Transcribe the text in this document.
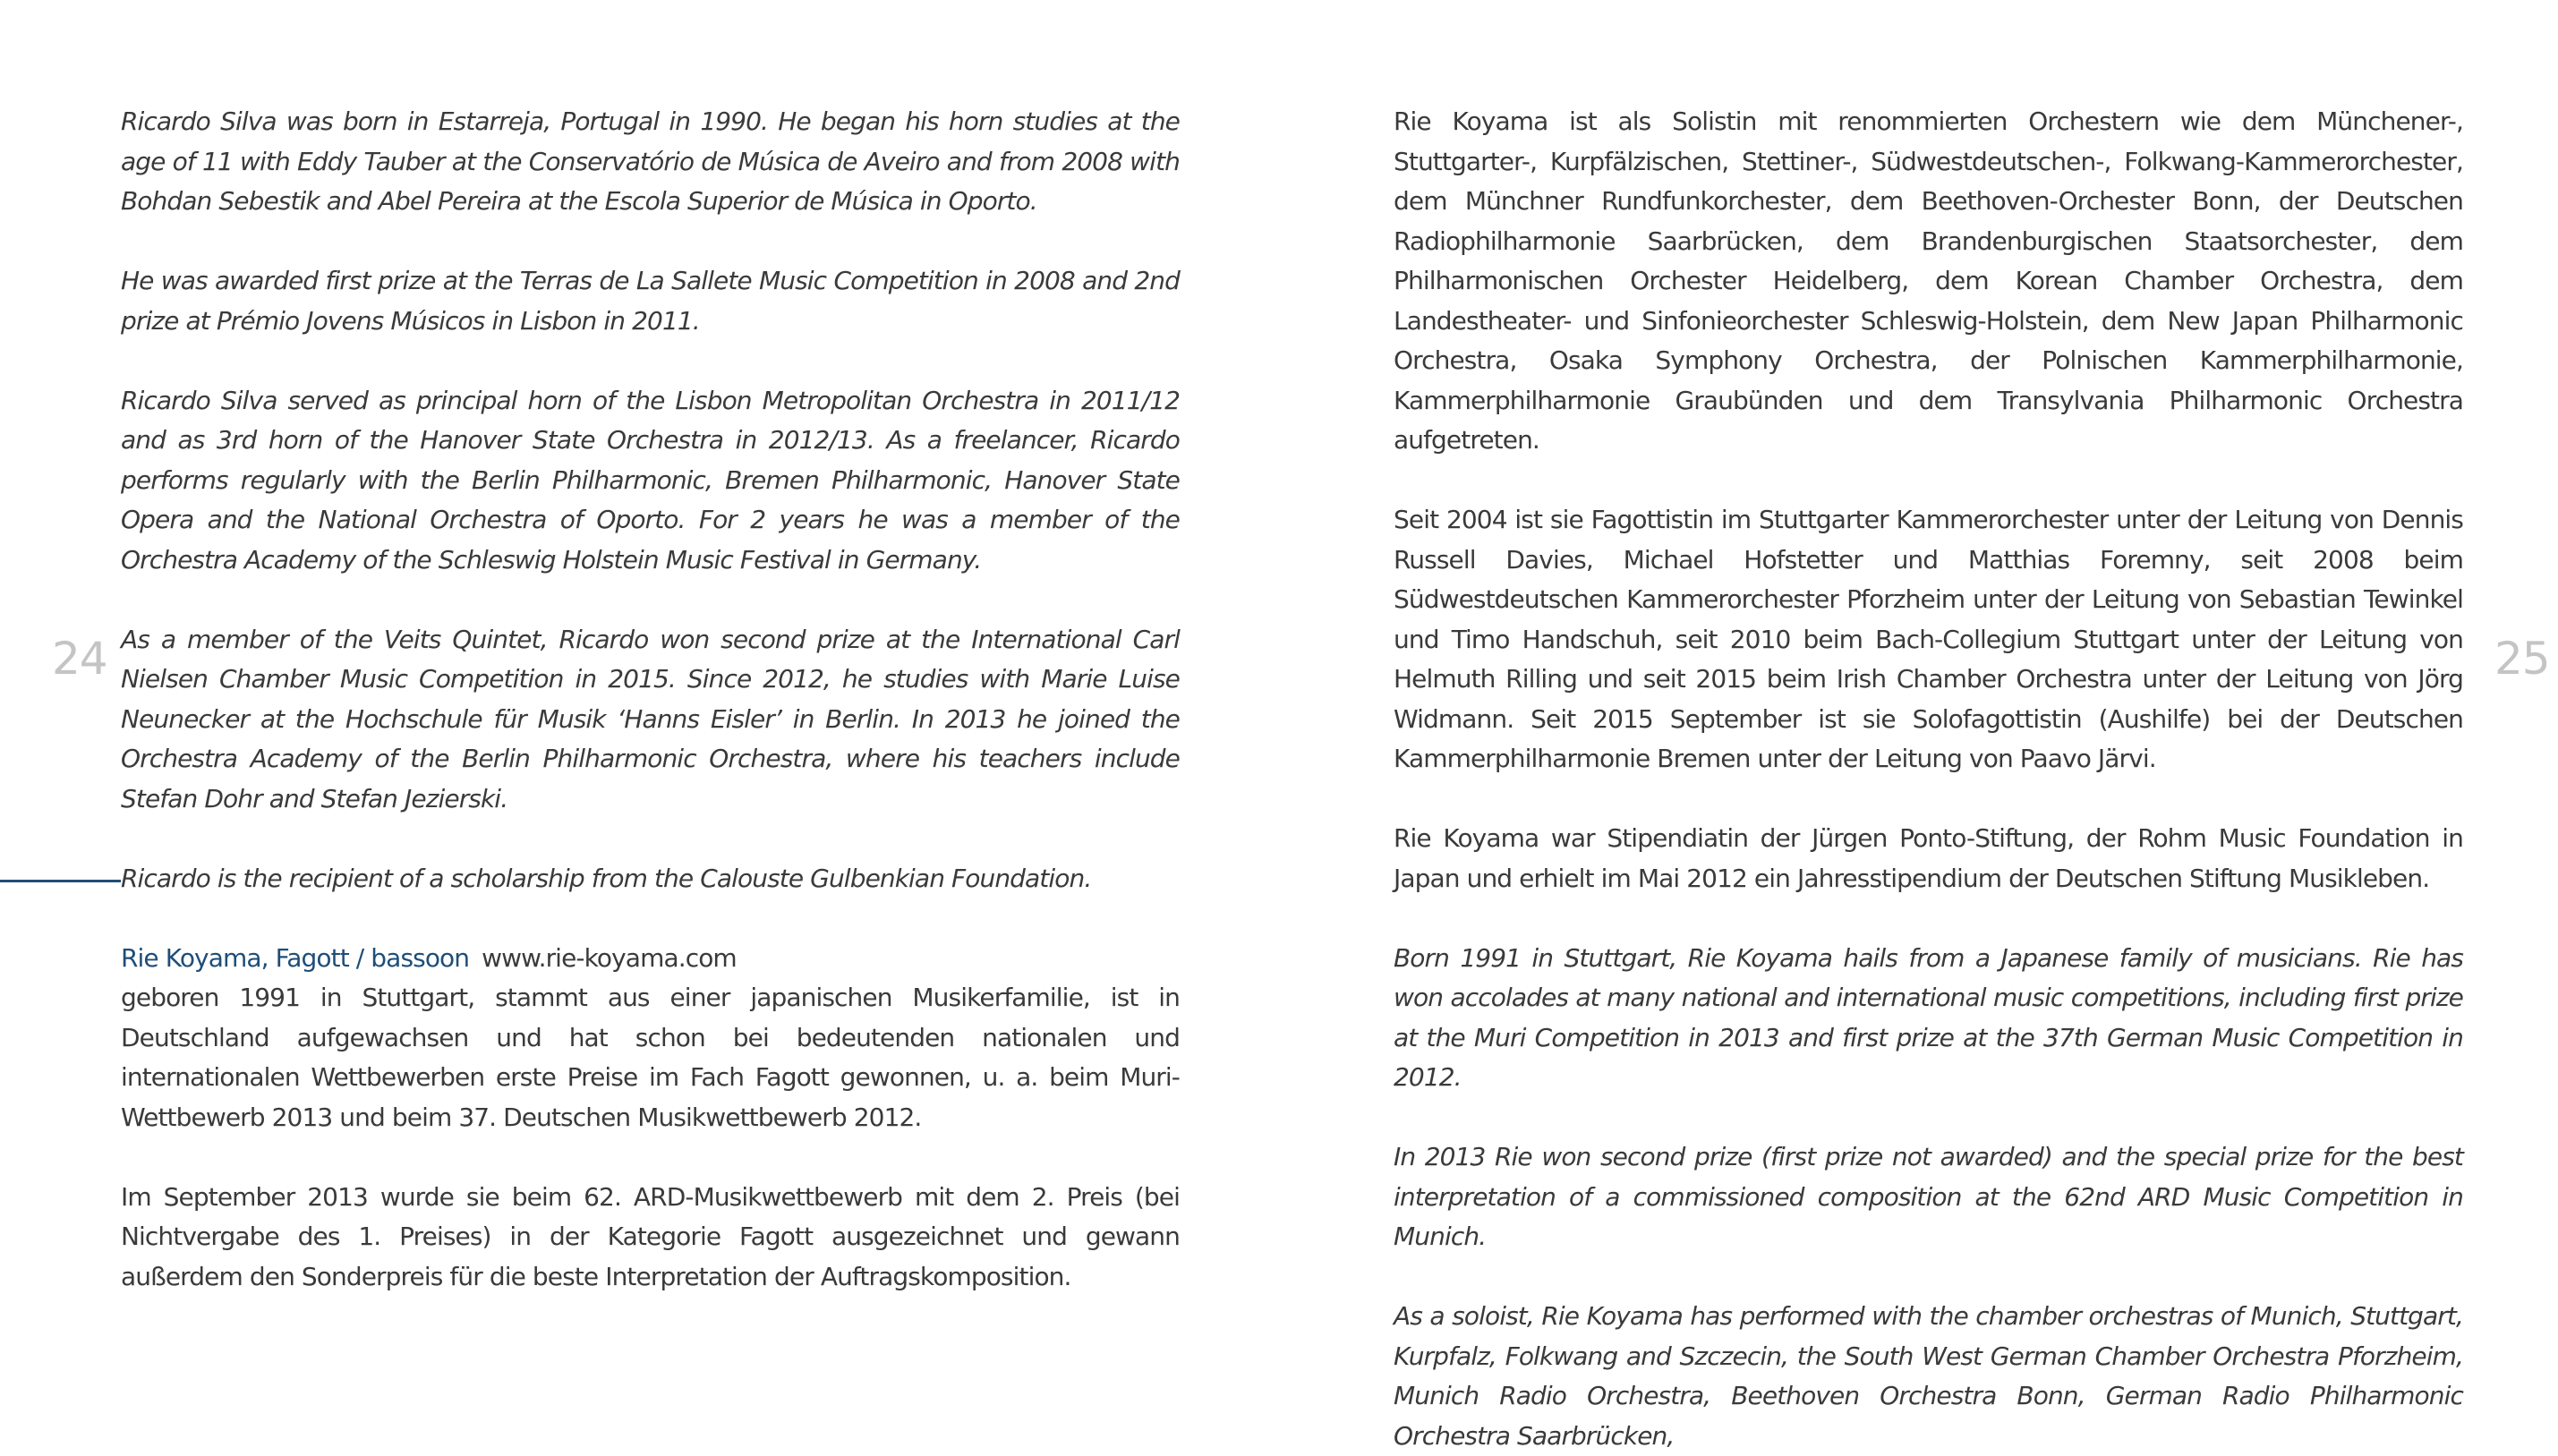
Ricardo Silva was born in Estarreja, Portugal in 1990. He began his horn studies at the age of 11 with Eddy Tauber at the Conservatório de Música de Aveiro and from 2008 with Bohdan Sebestik and Abel Pereira at the Escola Superior de Música in Oporto.

He was awarded first prize at the Terras de La Sallete Music Competition in 2008 and 2nd prize at Prémio Jovens Músicos in Lisbon in 2011.

Ricardo Silva served as principal horn of the Lisbon Metropolitan Orchestra in 2011/12 and as 3rd horn of the Hanover State Orchestra in 2012/13. As a freelancer, Ricardo performs regularly with the Berlin Philharmonic, Bremen Philharmonic, Hanover State Opera and the National Orchestra of Oporto. For 2 years he was a member of the Orchestra Academy of the Schleswig Holstein Music Festival in Germany.

As a member of the Veits Quintet, Ricardo won second prize at the International Carl Nielsen Chamber Music Competition in 2015. Since 2012, he studies with Marie Luise Neunecker at the Hochschule für Musik ‘Hanns Eisler’ in Berlin. In 2013 he joined the Orchestra Academy of the Berlin Philharmonic Orchestra, where his teachers include Stefan Dohr and Stefan Jezierski.

Ricardo is the recipient of a scholarship from the Calouste Gulbenkian Foundation.

Rie Koyama, Fagott / bassoon www.rie-koyama.com

geboren 1991 in Stuttgart, stammt aus einer japanischen Musikerfamilie, ist in Deutschland aufgewachsen und hat schon bei bedeutenden nationalen und internationalen Wettbewerben erste Preise im Fach Fagott gewonnen, u. a. beim Muri-Wettbewerb 2013 und beim 37. Deutschen Musikwettbewerb 2012.

Im September 2013 wurde sie beim 62. ARD-Musikwettbewerb mit dem 2. Preis (bei Nichtvergabe des 1. Preises) in der Kategorie Fagott ausgezeichnet und gewann außerdem den Sonderpreis für die beste Interpretation der Auftragskomposition.

24

Rie Koyama ist als Solistin mit renommierten Orchestern wie dem Münchener-, Stuttgarter-, Kurpfälzischen, Stettiner-, Südwestdeutschen-, Folkwang-Kammerorchester, dem Münchner Rundfunkorchester, dem Beethoven-Orchester Bonn, der Deutschen Radiophilharmonie Saarbrücken, dem Brandenburgischen Staatsorchester, dem Philharmonischen Orchester Heidelberg, dem Korean Chamber Orchestra, dem Landestheater- und Sinfonieorchester Schleswig-Holstein, dem New Japan Philharmonic Orchestra, Osaka Symphony Orchestra, der Polnischen Kammerphilharmonie, Kammerphilharmonie Graubünden und dem Transylvania Philharmonic Orchestra aufgetreten.

Seit 2004 ist sie Fagottistin im Stuttgarter Kammerorchester unter der Leitung von Dennis Russell Davies, Michael Hofstetter und Matthias Foremny, seit 2008 beim Südwestdeutschen Kammerorchester Pforzheim unter der Leitung von Sebastian Tewinkel und Timo Handschuh, seit 2010 beim Bach-Collegium Stuttgart unter der Leitung von Helmuth Rilling und seit 2015 beim Irish Chamber Orchestra unter der Leitung von Jörg Widmann. Seit 2015 September ist sie Solofagottistin (Aushilfe) bei der Deutschen Kammerphilharmonie Bremen unter der Leitung von Paavo Järvi.

Rie Koyama war Stipendiatin der Jürgen Ponto-Stiftung, der Rohm Music Foundation in Japan und erhielt im Mai 2012 ein Jahresstipendium der Deutschen Stiftung Musikleben.

Born 1991 in Stuttgart, Rie Koyama hails from a Japanese family of musicians. Rie has won accolades at many national and international music competitions, including first prize at the Muri Competition in 2013 and first prize at the 37th German Music Competition in 2012.

In 2013 Rie won second prize (first prize not awarded) and the special prize for the best interpretation of a commissioned composition at the 62nd ARD Music Competition in Munich.

As a soloist, Rie Koyama has performed with the chamber orchestras of Munich, Stuttgart, Kurpfalz, Folkwang and Szczecin, the South West German Chamber Orchestra Pforzheim, Munich Radio Orchestra, Beethoven Orchestra Bonn, German Radio Philharmonic Orchestra Saarbrücken,

25
